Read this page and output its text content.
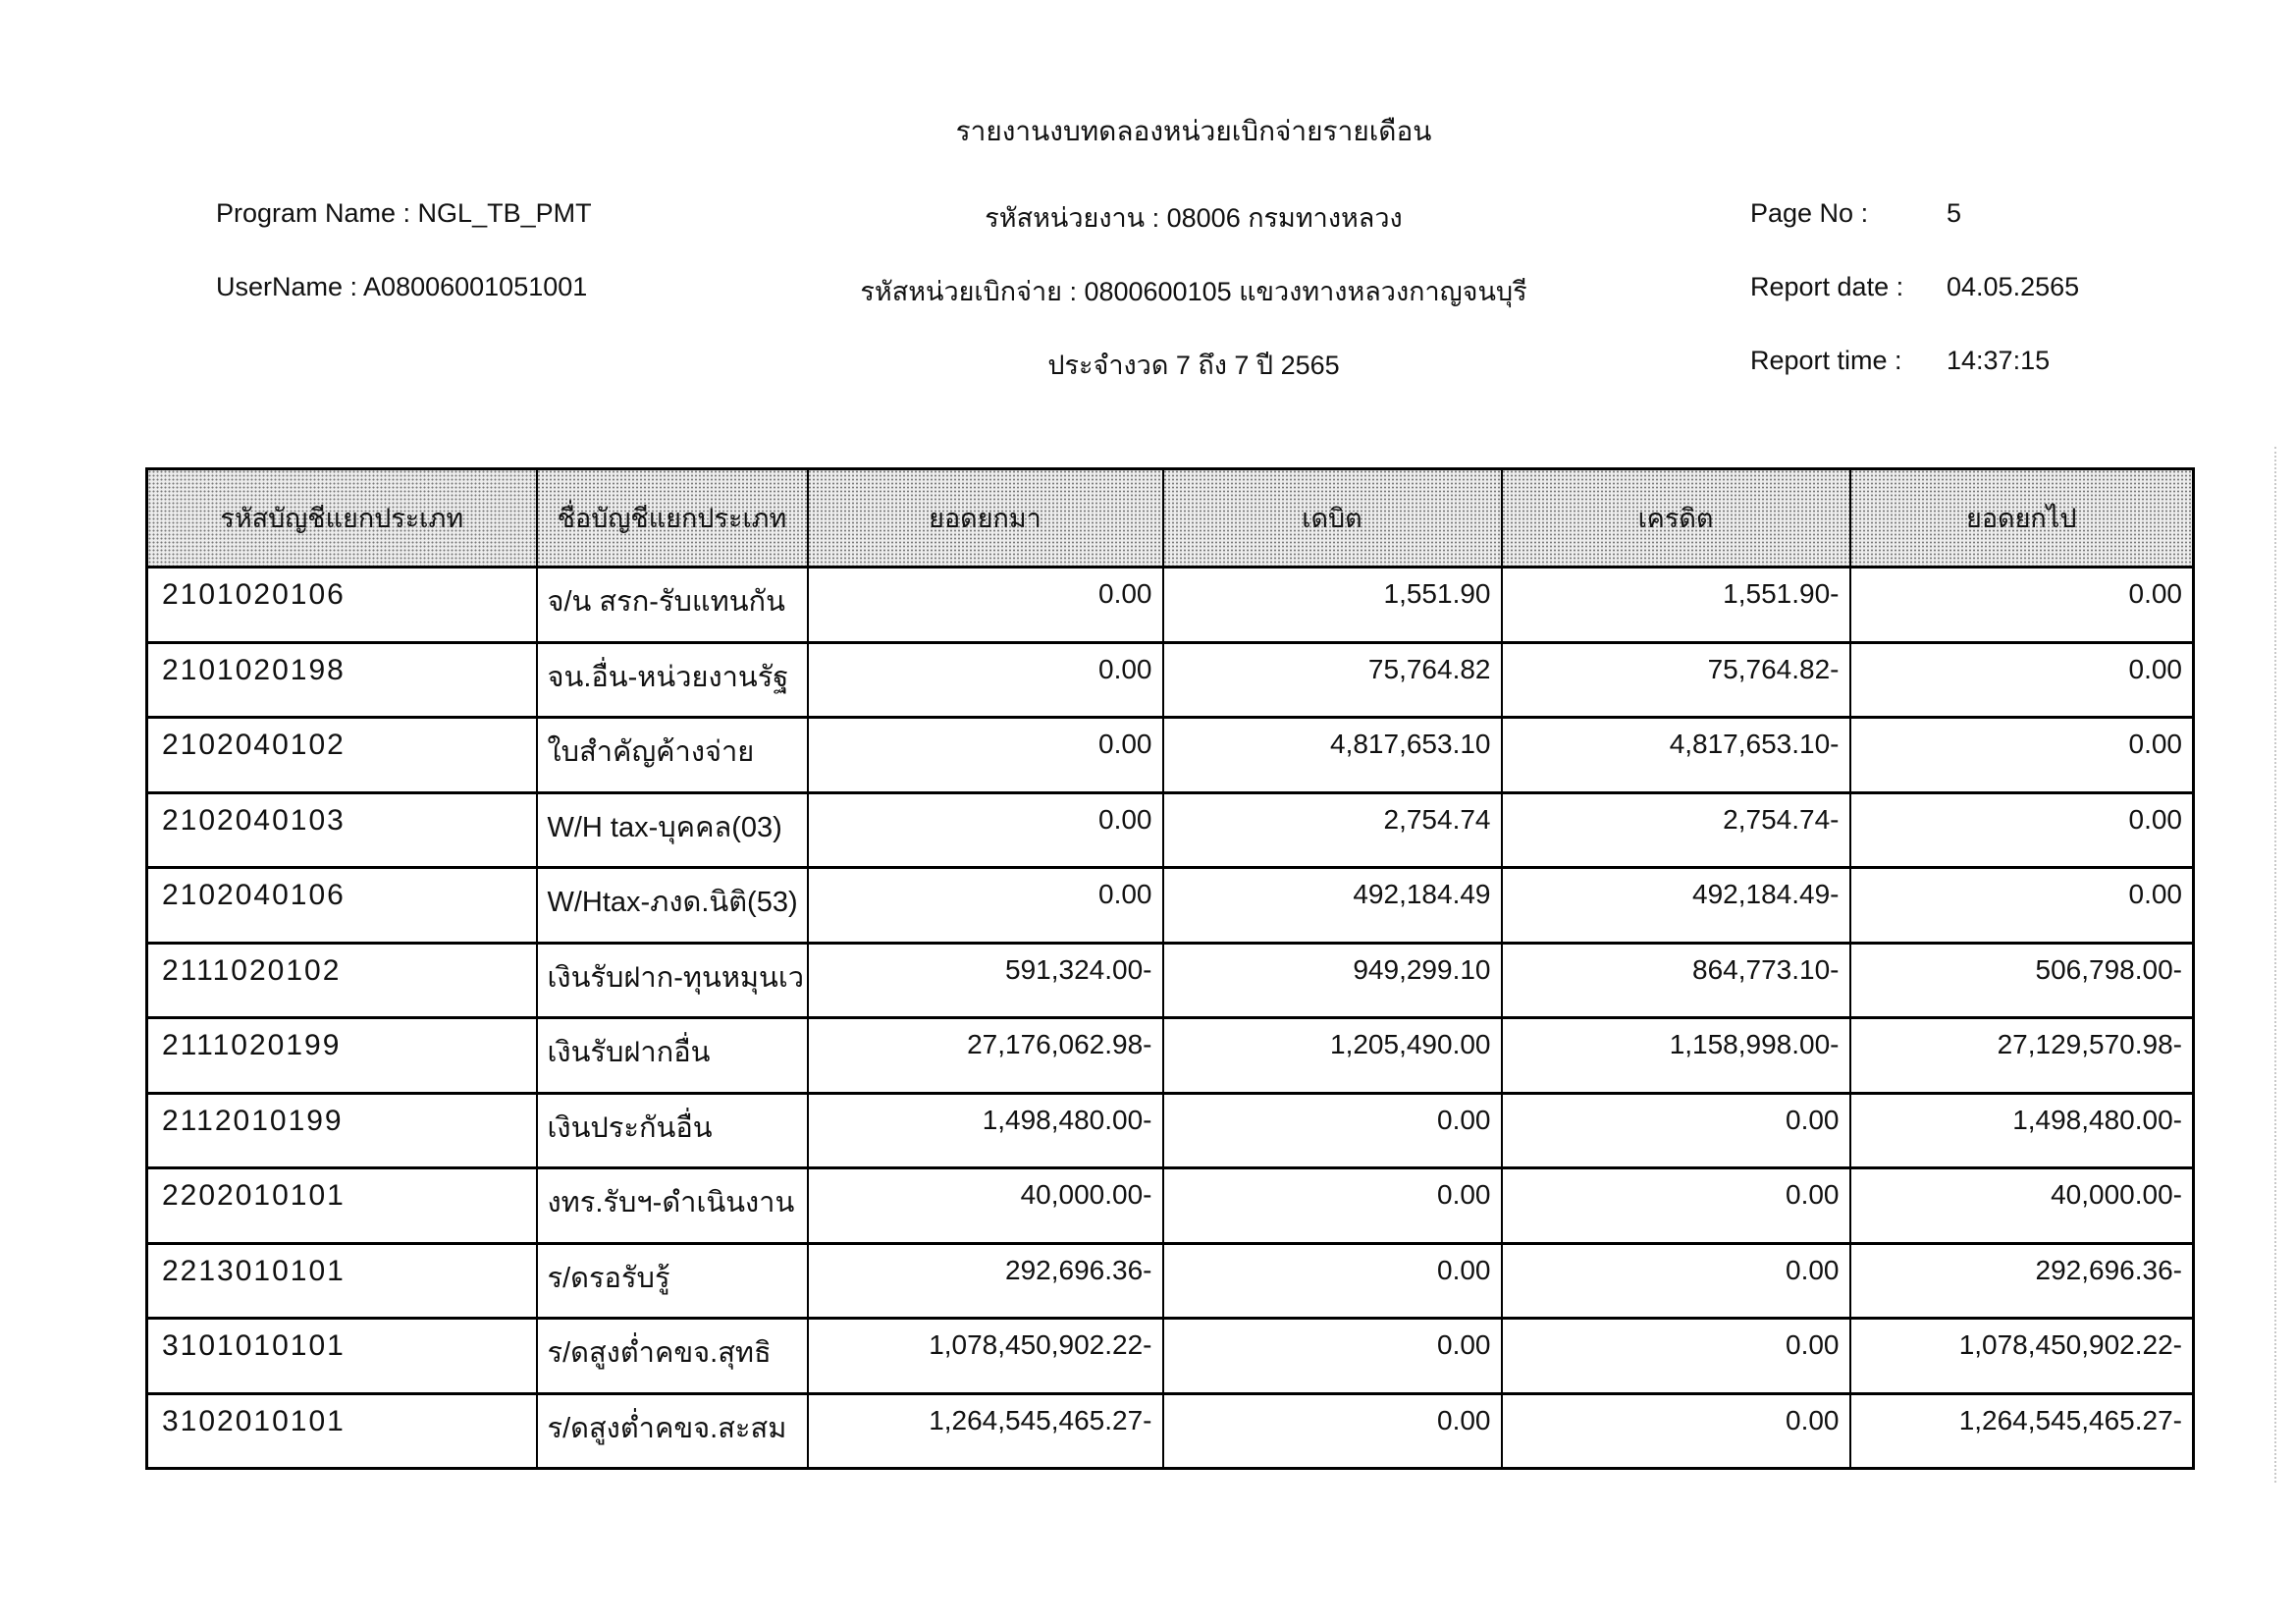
รายงานงบทดลองหน่วยเบิกจ่ายรายเดือน
Program Name : NGL_TB_PMT
UserName : A08006001051001
รหัสหน่วยงาน : 08006 กรมทางหลวง
รหัสหน่วยเบิกจ่าย : 0800600105 แขวงทางหลวงกาญจนบุรี
ประจำงวด 7 ถึง 7 ปี 2565
Page No :	5
Report date : 04.05.2565
Report time : 14:37:15
รหัสบัญชีแยกประเภท	ชื่อบัญชีแยกประเภท	ยอดยกมา	เดบิต	เครดิต	ยอดยกไป
2101020106	จ/น สรก-รับแทนกัน	0.00	1,551.90	1,551.90-	0.00
2101020198	จน.อื่น-หน่วยงานรัฐ	0.00	75,764.82	75,764.82-	0.00
2102040102	ใบสำคัญค้างจ่าย	0.00	4,817,653.10	4,817,653.10-	0.00
2102040103	W/H tax-บุคคล(03)	0.00	2,754.74	2,754.74-	0.00
2102040106	W/Htax-ภงด.นิติ(53)	0.00	492,184.49	492,184.49-	0.00
2111020102	เงินรับฝาก-ทุนหมุนเว	591,324.00-	949,299.10	864,773.10-	506,798.00-
2111020199	เงินรับฝากอื่น	27,176,062.98-	1,205,490.00	1,158,998.00-	27,129,570.98-
2112010199	เงินประกันอื่น	1,498,480.00-	0.00	0.00	1,498,480.00-
2202010101	งทร.รับฯ-ดำเนินงาน	40,000.00-	0.00	0.00	40,000.00-
2213010101	ร/ดรอรับรู้	292,696.36-	0.00	0.00	292,696.36-
3101010101	ร/ดสูงต่ำคขจ.สุทธิ	1,078,450,902.22-	0.00	0.00	1,078,450,902.22-
3102010101	ร/ดสูงต่ำคขจ.สะสม	1,264,545,465.27-	0.00	0.00	1,264,545,465.27-
